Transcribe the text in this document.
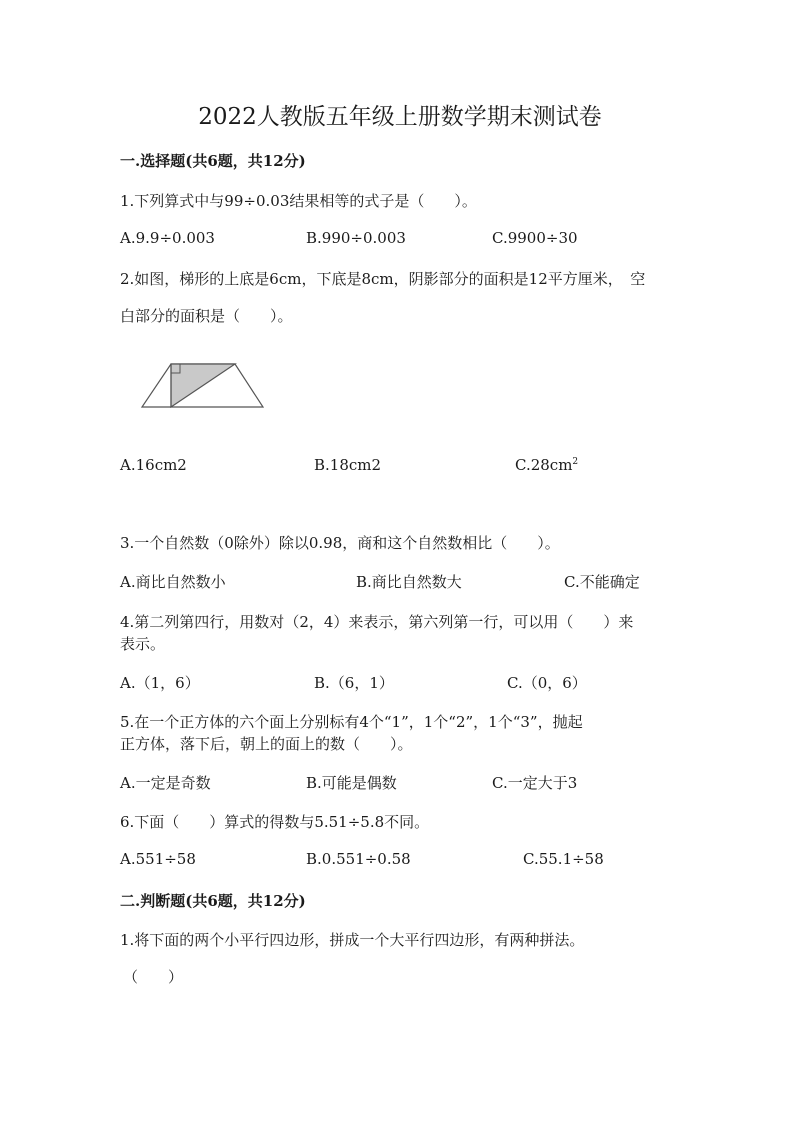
2022人教版五年级上册数学期末测试卷
一.选择题(共6题，共12分)
1.下列算式中与99÷0.03结果相等的式子是（　　）。
A.9.9÷0.003	B.990÷0.003	C.9900÷30
2.如图，梯形的上底是6cm，下底是8cm，阴影部分的面积是12平方厘米，　空
白部分的面积是（　　）。
A.16cm2	B.18cm2	$C.28cm^2$
3.一个自然数（0除外）除以0.98，商和这个自然数相比（　　）。
A.商比自然数小	B.商比自然数大	C.不能确定
4.第二列第四行，用数对（2，4）来表示，第六列第一行，可以用（　　）来
表示。
A.（1，6）	B.（6，1）	C.（0，6）
5.在一个正方体的六个面上分别标有4个“1”，1个“2”，1个“3”，抛起
正方体，落下后，朝上的面上的数（　　）。
A.一定是奇数	B.可能是偶数	C.一定大于3
6.下面（　　）算式的得数与5.51÷5.8不同。
A.551÷58	B.0.551÷0.58	C.55.1÷58
二.判断题(共6题，共12分)
1.将下面的两个小平行四边形，拼成一个大平行四边形，有两种拼法。
（　　）
